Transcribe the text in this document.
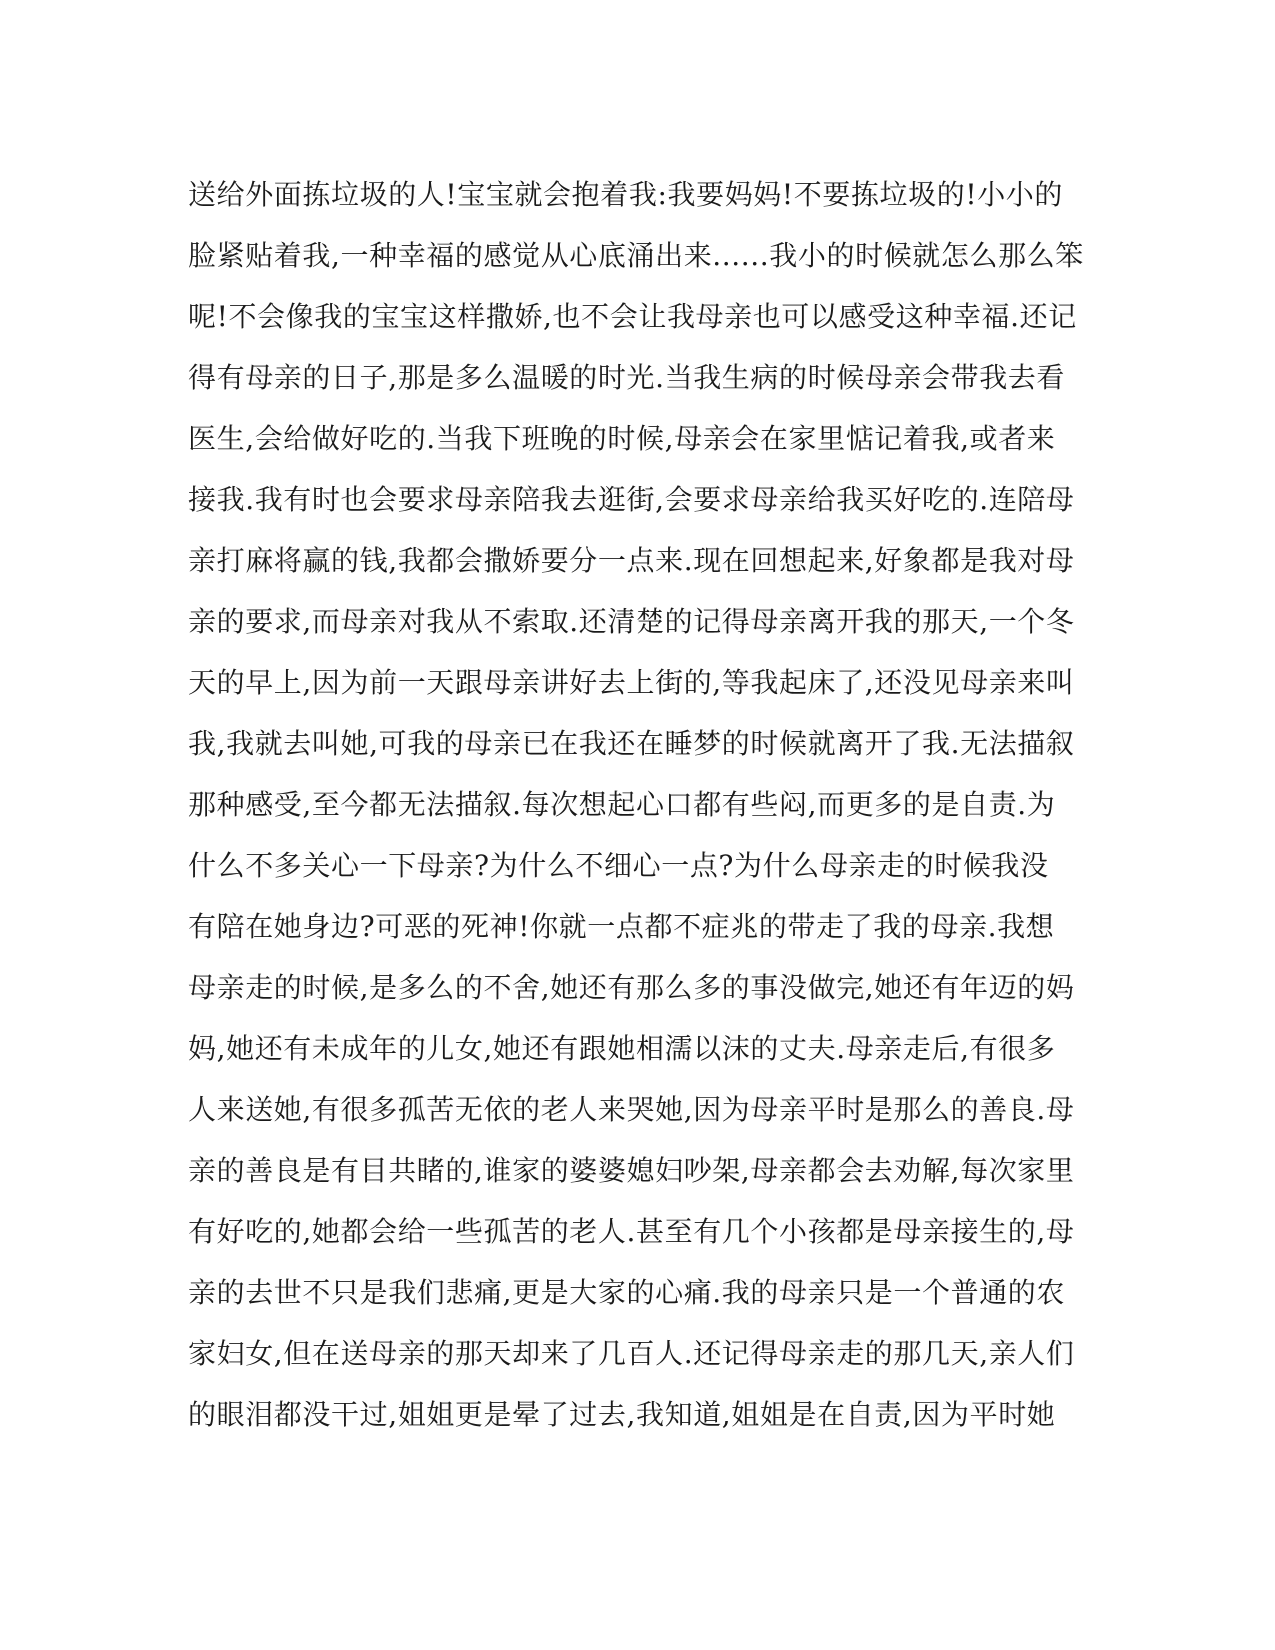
送给外面拣垃圾的人!宝宝就会抱着我:我要妈妈!不要拣垃圾的!小小的
脸紧贴着我,一种幸福的感觉从心底涌出来......我小的时候就怎么那么笨
呢!不会像我的宝宝这样撒娇,也不会让我母亲也可以感受这种幸福.还记
得有母亲的日子,那是多么温暖的时光.当我生病的时候母亲会带我去看
医生,会给做好吃的.当我下班晚的时候,母亲会在家里惦记着我,或者来
接我.我有时也会要求母亲陪我去逛街,会要求母亲给我买好吃的.连陪母
亲打麻将赢的钱,我都会撒娇要分一点来.现在回想起来,好象都是我对母
亲的要求,而母亲对我从不索取.还清楚的记得母亲离开我的那天,一个冬
天的早上,因为前一天跟母亲讲好去上街的,等我起床了,还没见母亲来叫
我,我就去叫她,可我的母亲已在我还在睡梦的时候就离开了我.无法描叙
那种感受,至今都无法描叙.每次想起心口都有些闷,而更多的是自责.为
什么不多关心一下母亲?为什么不细心一点?为什么母亲走的时候我没
有陪在她身边?可恶的死神!你就一点都不症兆的带走了我的母亲.我想
母亲走的时候,是多么的不舍,她还有那么多的事没做完,她还有年迈的妈
妈,她还有未成年的儿女,她还有跟她相濡以沫的丈夫.母亲走后,有很多
人来送她,有很多孤苦无依的老人来哭她,因为母亲平时是那么的善良.母
亲的善良是有目共睹的,谁家的婆婆媳妇吵架,母亲都会去劝解,每次家里
有好吃的,她都会给一些孤苦的老人.甚至有几个小孩都是母亲接生的,母
亲的去世不只是我们悲痛,更是大家的心痛.我的母亲只是一个普通的农
家妇女,但在送母亲的那天却来了几百人.还记得母亲走的那几天,亲人们
的眼泪都没干过,姐姐更是晕了过去,我知道,姐姐是在自责,因为平时她
